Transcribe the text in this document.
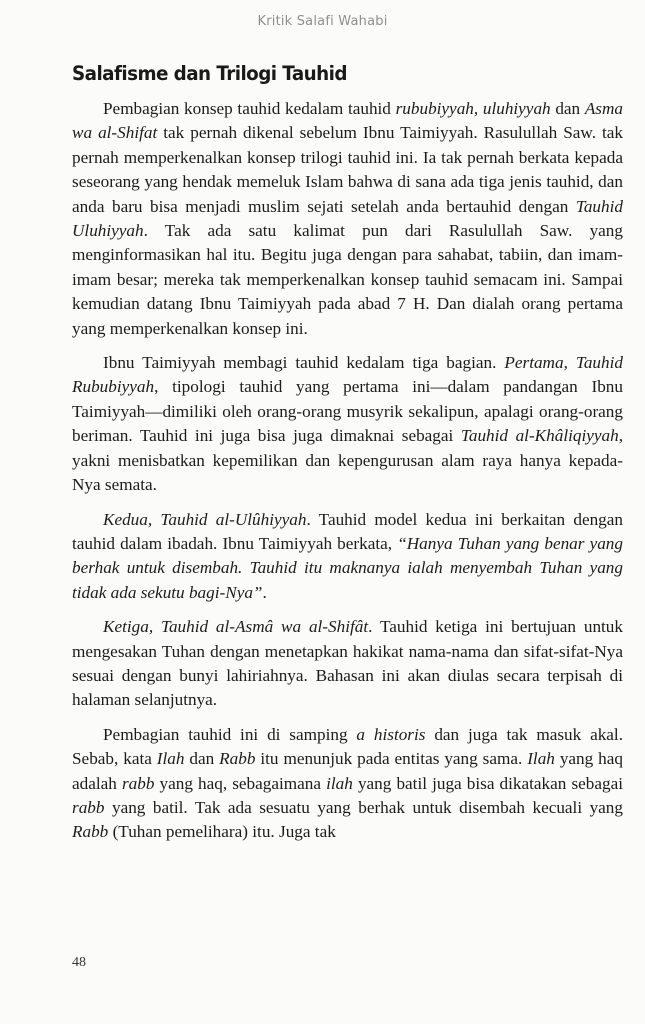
Kritik Salafi Wahabi
Salafisme dan Trilogi Tauhid

Pembagian konsep tauhid kedalam tauhid rububiyyah, uluhiyyah dan Asma wa al-Shifat tak pernah dikenal sebelum Ibnu Taimiyyah. Rasulullah Saw. tak pernah memperkenalkan konsep trilogi tauhid ini. Ia tak pernah berkata kepada seseorang yang hendak memeluk Islam bahwa di sana ada tiga jenis tauhid, dan anda baru bisa menjadi muslim sejati setelah anda bertauhid dengan Tauhid Uluhiyyah. Tak ada satu kalimat pun dari Rasulullah Saw. yang menginformasikan hal itu. Begitu juga dengan para sahabat, tabiin, dan imam-imam besar; mereka tak memperkenalkan konsep tauhid semacam ini. Sampai kemudian datang Ibnu Taimiyyah pada abad 7 H. Dan dialah orang pertama yang memperkenalkan konsep ini.

Ibnu Taimiyyah membagi tauhid kedalam tiga bagian. Pertama, Tauhid Rububiyyah, tipologi tauhid yang pertama ini—dalam pandangan Ibnu Taimiyyah—dimiliki oleh orang-orang musyrik sekalipun, apalagi orang-orang beriman. Tauhid ini juga bisa juga dimaknai sebagai Tauhid al-Khâliqiyyah, yakni menisbatkan kepemilikan dan kepengurusan alam raya hanya kepada-Nya semata.

Kedua, Tauhid al-Ulûhiyyah. Tauhid model kedua ini berkaitan dengan tauhid dalam ibadah. Ibnu Taimiyyah berkata, “Hanya Tuhan yang benar yang berhak untuk disembah. Tauhid itu maknanya ialah menyembah Tuhan yang tidak ada sekutu bagi-Nya”.

Ketiga, Tauhid al-Asmâ wa al-Shifât. Tauhid ketiga ini bertujuan untuk mengesakan Tuhan dengan menetapkan hakikat nama-nama dan sifat-sifat-Nya sesuai dengan bunyi lahiriahnya. Bahasan ini akan diulas secara terpisah di halaman selanjutnya.

Pembagian tauhid ini di samping a historis dan juga tak masuk akal. Sebab, kata Ilah dan Rabb itu menunjuk pada entitas yang sama. Ilah yang haq adalah rabb yang haq, sebagaimana ilah yang batil juga bisa dikatakan sebagai rabb yang batil. Tak ada sesuatu yang berhak untuk disembah kecuali yang Rabb (Tuhan pemelihara) itu. Juga tak

48
